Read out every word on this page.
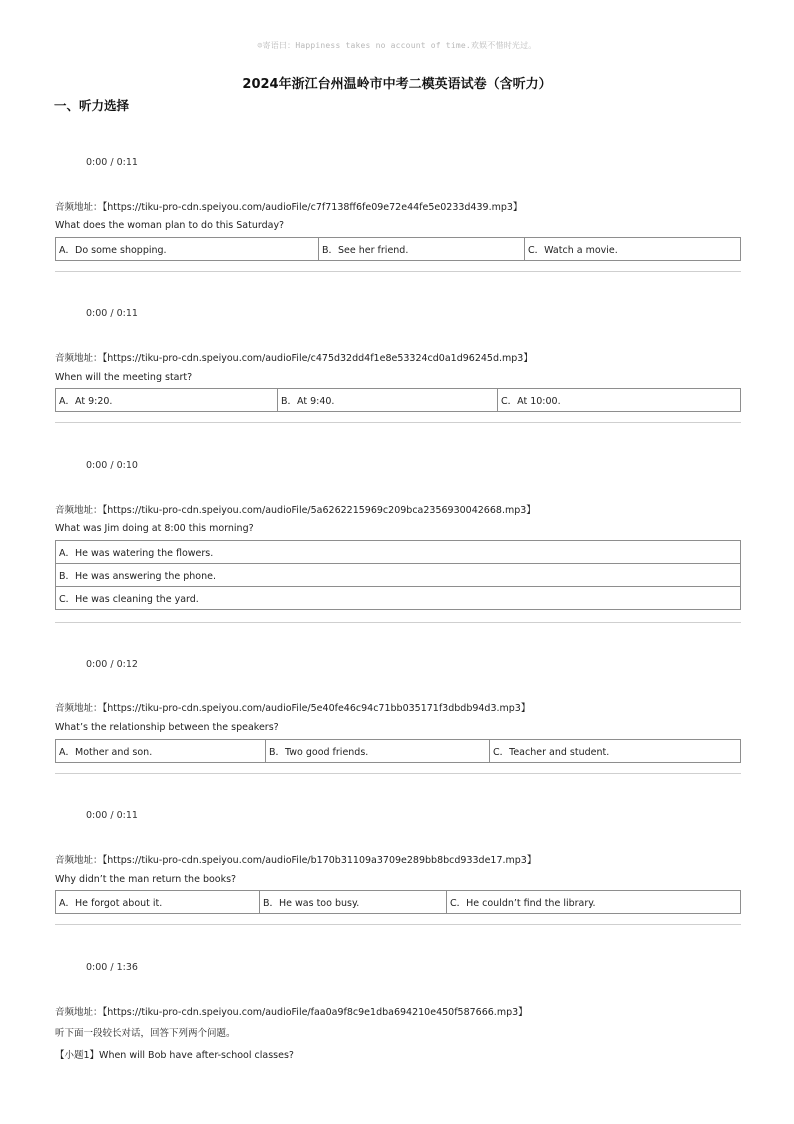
☺寄语曰：Happiness takes no account of time.欢娱不惜时光过。
2024年浙江台州温岭市中考二模英语试卷（含听力）
一、听力选择
0:00 / 0:11
音频地址：【https://tiku-pro-cdn.speiyou.com/audioFile/c7f7138ff6fe09e72e44fe5e0233d439.mp3】
What does the woman plan to do this Saturday?
A．Do some shopping.	B．See her friend.	C．Watch a movie.
0:00 / 0:11
音频地址：【https://tiku-pro-cdn.speiyou.com/audioFile/c475d32dd4f1e8e53324cd0a1d96245d.mp3】
When will the meeting start?
A．At 9:20.	B．At 9:40.	C．At 10:00.
0:00 / 0:10
音频地址：【https://tiku-pro-cdn.speiyou.com/audioFile/5a6262215969c209bca2356930042668.mp3】
What was Jim doing at 8:00 this morning?
A．He was watering the flowers.
B．He was answering the phone.
C．He was cleaning the yard.
0:00 / 0:12
音频地址：【https://tiku-pro-cdn.speiyou.com/audioFile/5e40fe46c94c71bb035171f3dbdb94d3.mp3】
What’s the relationship between the speakers?
A．Mother and son.	B．Two good friends.	C．Teacher and student.
0:00 / 0:11
音频地址：【https://tiku-pro-cdn.speiyou.com/audioFile/b170b31109a3709e289bb8bcd933de17.mp3】
Why didn’t the man return the books?
A．He forgot about it.	B．He was too busy.	C．He couldn’t find the library.
0:00 / 1:36
音频地址：【https://tiku-pro-cdn.speiyou.com/audioFile/faa0a9f8c9e1dba694210e450f587666.mp3】
听下面一段较长对话，回答下列两个问题。
【小题1】When will Bob have after-school classes?
